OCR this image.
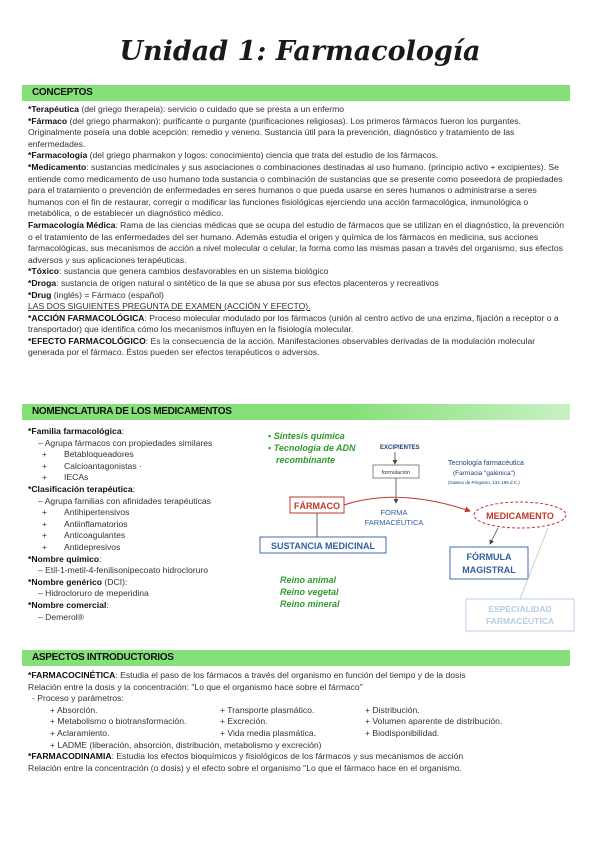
Unidad 1: Farmacología
CONCEPTOS

*Terapéutica (del griego therapeia): servicio o cuidado que se presta a un enfermo

*Fármaco (del griego pharmakon): purificante o purgante (purificaciones religiosas). Los primeros fármacos fueron los purgantes. Originalmente poseía una doble acepción: remedio y veneno. Sustancia útil para la prevención, diagnóstico y tratamiento de las enfermedades.

*Farmacología (del griego pharmakon y logos: conocimiento) ciencia que trata del estudio de los fármacos.

*Medicamento: sustancias medicinales y sus asociaciones o combinaciones destinadas al uso humano. (principio activo + excipientes). Se entiende como medicamento de uso humano toda sustancia o combinación de sustancias que se presente como poseedora de propiedades para el tratamiento o prevención de enfermedades en seres humanos o que pueda usarse en seres humanos o administrarse a seres humanos con el fin de restaurar, corregir o modificar las funciones fisiológicas ejerciendo una acción farmacológica, inmunológica o metabólica, o de establecer un diagnóstico médico.

Farmacología Médica: Rama de las ciencias médicas que se ocupa del estudio de fármacos que se utilizan en el diagnóstico, la prevención o el tratamiento de las enfermedades del ser humano. Además estudia el origen y química de los fármacos en medicina, sus acciones farmacológicas, sus mecanismos de acción a nivel molecular o celular, la forma como las mismas pasan a través del organismo, sus efectos adversos y sus aplicaciones terapéuticas.

*Tóxico: sustancia que genera cambios desfavorables en un sistema biológico

*Droga: sustancia de origen natural o sintético de la que se abusa por sus efectos placenteros y recreativos

*Drug (inglés) = Fármaco (español)

LAS DOS SIGUIENTES PREGUNTA DE EXAMEN (ACCIÓN Y EFECTO).

*ACCIÓN FARMACOLÓGICA: Proceso molecular modulado por los fármacos (unión al centro activo de una enzima, fijación a receptor o a transportador) que identifica cómo los mecanismos influyen en la fisiología molecular.

*EFECTO FARMACOLÓGICO: Es la consecuencia de la acción. Manifestaciones observables derivadas de la modulación molecular generada por el fármaco. Éstos pueden ser efectos terapéuticos o adversos.

NOMENCLATURA DE LOS MEDICAMENTOS

*Familia farmacológica:

– Agrupa fármacos con propiedades similares

+ Betabloqueadores
+ Calcioantagonistas ·
+ IECAs

*Clasificación terapéutica:

– Agrupa familias con afinidades terapéuticas

+ Antihipertensivos
+ Antiinflamatorios
+ Anticoagulantes
+ Antidepresivos

*Nombre químico:

– Etil-1-metil-4-fenilisonipecoato hidrocloruro

*Nombre genérico (DCI):

– Hidrocloruro de meperidina

*Nombre comercial:

– Demerol®

▪ Síntesis química
▪ Tecnología de ADN
recombinante
EXCIPIENTES
formulación
Tecnología farmacéutica
(Farmacia "galénica")
(Galeno de Pérgamo, 131-199 d.C.)
FÁRMACO
FORMA
FARMACÉUTICA
MEDICAMENTO
SUSTANCIA MEDICINAL
FÓRMULA
MAGISTRAL
Reino animal
Reino vegetal
Reino mineral	ESPECIALIDAD
FARMACÉUTICA
ASPECTOS INTRODUCTORIOS

*FARMACOCINÉTICA: Estudia el paso de los fármacos a través del organismo en función del tiempo y de la dosis

Relación entre la dosis y la concentración: "Lo que el organismo hace sobre el fármaco"

- Proceso y parámetros:

+ Absorción.	+ Transporte plasmático.	+ Distribución.
+ Metabolismo o biotransformación.	+ Excreción.	+ Volumen aparente de distribución.
+ Aclaramiento.	+ Vida media plasmática.	+ Biodisponibilidad.
+ LADME (liberación, absorción, distribución, metabolismo y excreción)

*FARMACODINAMIA: Estudia los efectos bioquímicos y fisiológicos de los fármacos y sus mecanismos de acción

Relación entre la concentración (o dosis) y el efecto sobre el organismo "Lo que el fármaco hace en el organismo.
